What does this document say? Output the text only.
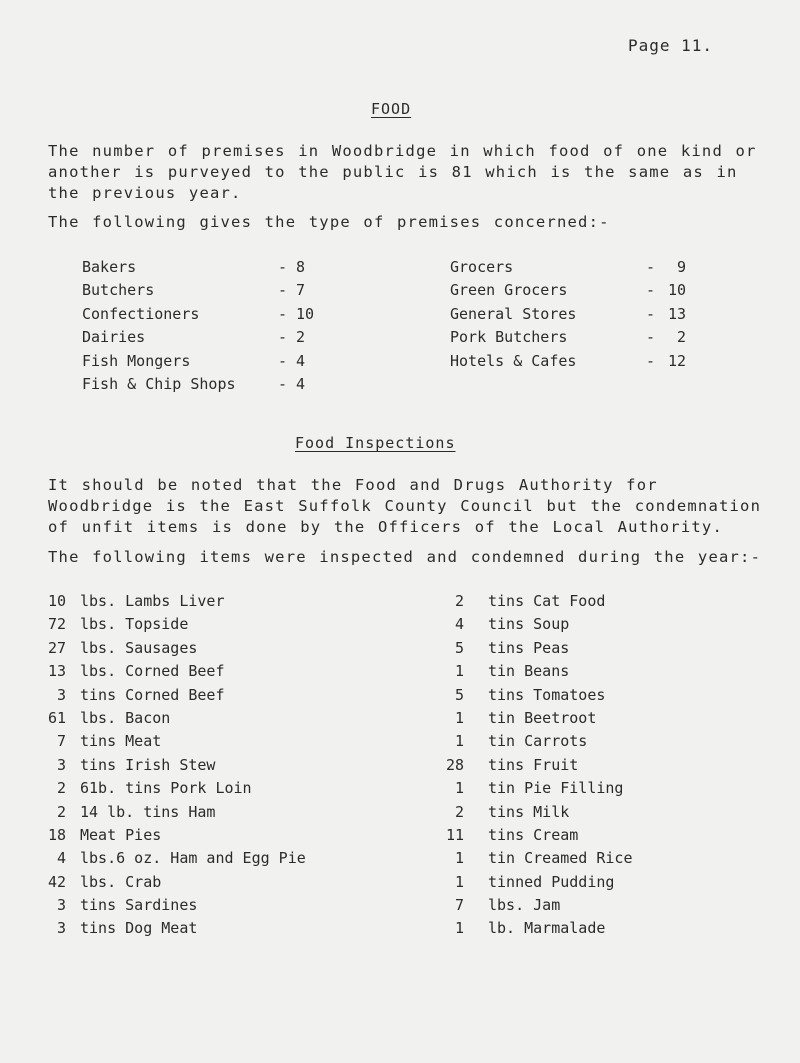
Page 11.
FOOD

The number of premises in Woodbridge in which food of one kind or another is purveyed to the public is 81 which is the same as in the previous year.

The following gives the type of premises concerned:-

Bakers	- 8
Butchers	- 7
Confectioners	- 10
Dairies	- 2
Fish Mongers	- 4
Fish & Chip Shops	- 4
Grocers	-	9
Green Grocers	- 10
General Stores	- 13
Pork Butchers	-	2
Hotels & Cafes	- 12
Food Inspections

It should be noted that the Food and Drugs Authority for Woodbridge is the East Suffolk County Council but the condemnation of unfit items is done by the Officers of the Local Authority.

The following items were inspected and condemned during the year:-

10 lbs. Lambs Liver
72 lbs. Topside
27 lbs. Sausages
13 lbs. Corned Beef
3 tins Corned Beef
61 lbs. Bacon
7 tins Meat
3 tins Irish Stew
2 61b. tins Pork Loin
2 14 lb. tins Ham
18 Meat Pies
4 lbs.6 oz. Ham and Egg Pie
42 lbs. Crab
3 tins Sardines
3 tins Dog Meat
2 tins Cat Food
4 tins Soup
5 tins Peas
1 tin Beans
5 tins Tomatoes
1 tin Beetroot
1 tin Carrots
28 tins Fruit
1 tin Pie Filling
2 tins Milk
11 tins Cream
1 tin Creamed Rice
1 tinned Pudding
7 lbs. Jam
1 lb. Marmalade
